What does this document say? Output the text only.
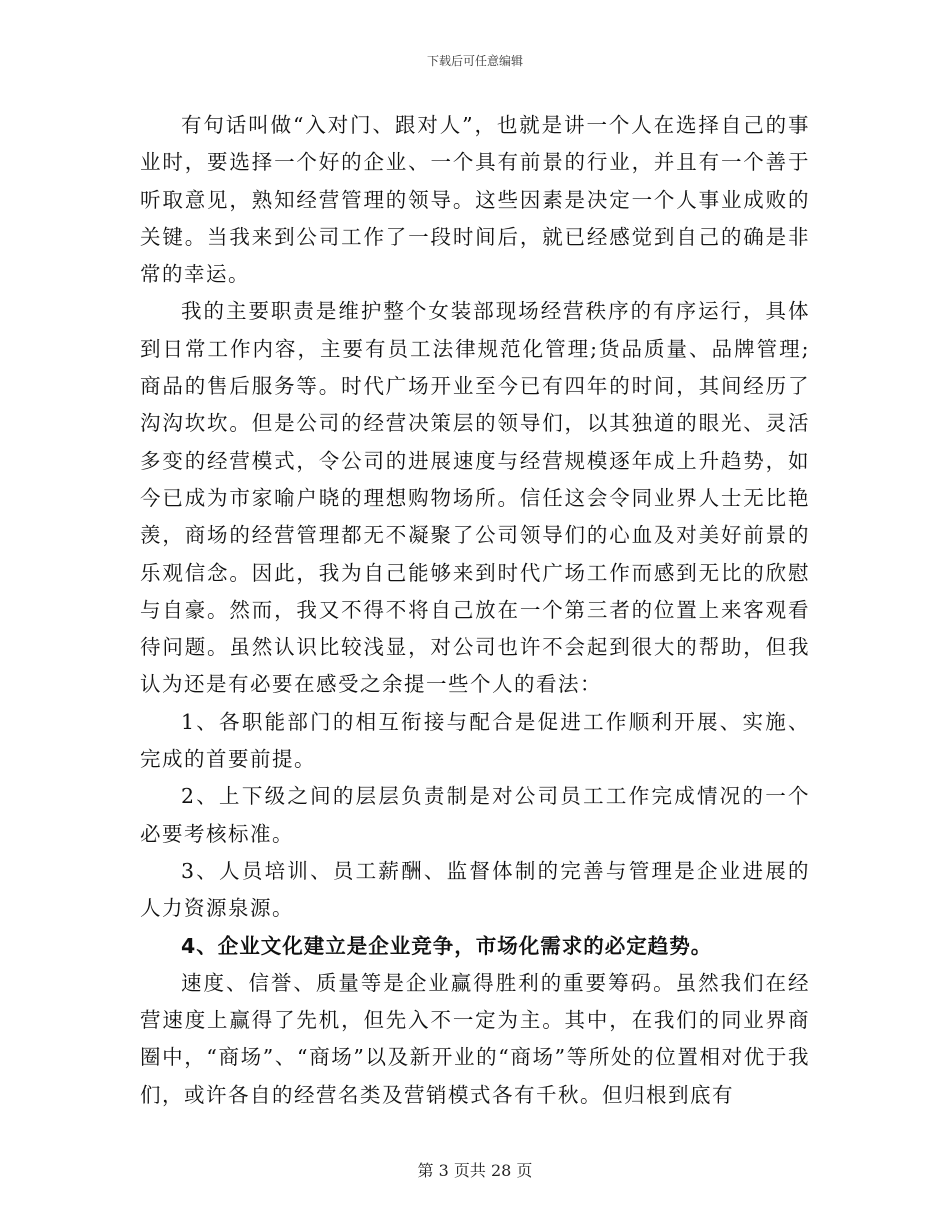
下载后可任意编辑

有句话叫做“入对门、跟对人”，也就是讲一个人在选择自己的事业时，要选择一个好的企业、一个具有前景的行业，并且有一个善于听取意见，熟知经营管理的领导。这些因素是决定一个人事业成败的关键。当我来到公司工作了一段时间后，就已经感觉到自己的确是非常的幸运。

我的主要职责是维护整个女装部现场经营秩序的有序运行，具体到日常工作内容，主要有员工法律规范化管理;货品质量、品牌管理;商品的售后服务等。时代广场开业至今已有四年的时间，其间经历了沟沟坎坎。但是公司的经营决策层的领导们，以其独道的眼光、灵活多变的经营模式，令公司的进展速度与经营规模逐年成上升趋势，如今已成为市家喻户晓的理想购物场所。信任这会令同业界人士无比艳羡，商场的经营管理都无不凝聚了公司领导们的心血及对美好前景的乐观信念。因此，我为自己能够来到时代广场工作而感到无比的欣慰与自豪。然而，我又不得不将自己放在一个第三者的位置上来客观看待问题。虽然认识比较浅显，对公司也许不会起到很大的帮助，但我认为还是有必要在感受之余提一些个人的看法：

1、各职能部门的相互衔接与配合是促进工作顺利开展、实施、完成的首要前提。

2、上下级之间的层层负责制是对公司员工工作完成情况的一个必要考核标准。

3、人员培训、员工薪酬、监督体制的完善与管理是企业进展的人力资源泉源。

4、企业文化建立是企业竞争，市场化需求的必定趋势。

速度、信誉、质量等是企业赢得胜利的重要筹码。虽然我们在经营速度上赢得了先机，但先入不一定为主。其中，在我们的同业界商圈中，“商场”、“商场”以及新开业的“商场”等所处的位置相对优于我们，或许各自的经营名类及营销模式各有千秋。但归根到底有

第 3 页共 28 页
